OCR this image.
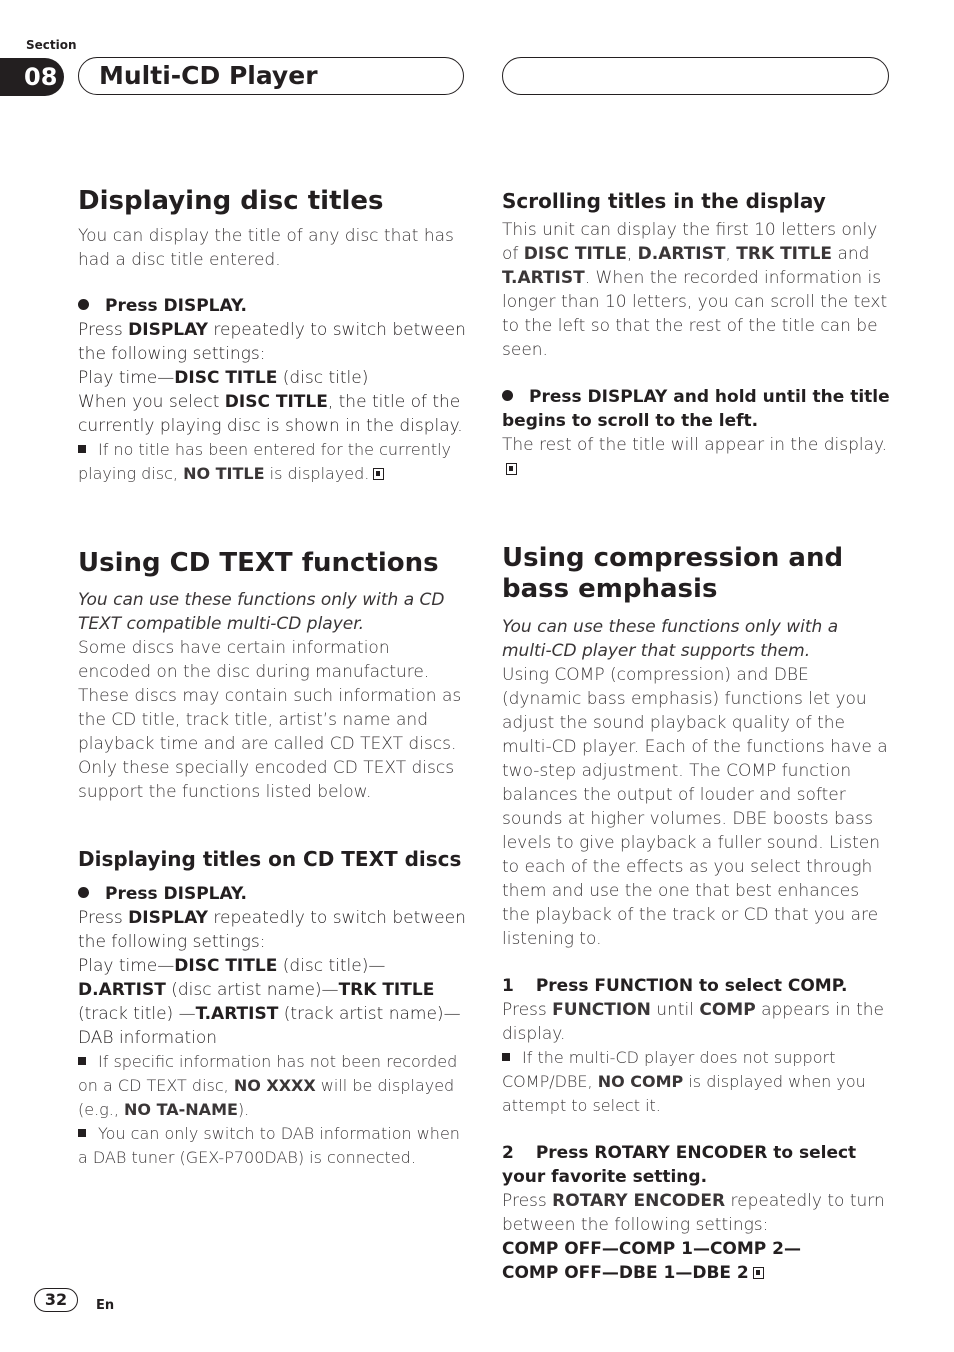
Section
08	Multi-CD Player
Displaying disc titles

You can display the title of any disc that has had a disc title entered.

Press DISPLAY.

Press DISPLAY repeatedly to switch between the following settings:

Play time—DISC TITLE (disc title)

When you select DISC TITLE, the title of the currently playing disc is shown in the display.

If no title has been entered for the currently playing disc, NO TITLE is displayed.

Using CD TEXT functions

You can use these functions only with a CD TEXT compatible multi-CD player.

Some discs have certain information encoded on the disc during manufacture. These discs may contain such information as the CD title, track title, artist’s name and playback time and are called CD TEXT discs. Only these specially encoded CD TEXT discs support the functions listed below.

Displaying titles on CD TEXT discs
Press DISPLAY.

Press DISPLAY repeatedly to switch between the following settings:

Play time—DISC TITLE (disc title)—D.ARTIST (disc artist name)—TRK TITLE (track title) —T.ARTIST (track artist name)—DAB information

If specific information has not been recorded on a CD TEXT disc, NO XXXX will be displayed (e.g., NO TA-NAME).

You can only switch to DAB information when a DAB tuner (GEX-P700DAB) is connected.

Scrolling titles in the display

This unit can display the first 10 letters only of DISC TITLE, D.ARTIST, TRK TITLE and T.ARTIST. When the recorded information is longer than 10 letters, you can scroll the text to the left so that the rest of the title can be seen.

Press DISPLAY and hold until the title begins to scroll to the left.

The rest of the title will appear in the display.

Using compression and bass emphasis

You can use these functions only with a multi-CD player that supports them.

Using COMP (compression) and DBE (dynamic bass emphasis) functions let you adjust the sound playback quality of the multi-CD player. Each of the functions have a two-step adjustment. The COMP function balances the output of louder and softer sounds at higher volumes. DBE boosts bass levels to give playback a fuller sound. Listen to each of the effects as you select through them and use the one that best enhances the playback of the track or CD that you are listening to.

1 Press FUNCTION to select COMP.

Press FUNCTION until COMP appears in the display.

If the multi-CD player does not support COMP/DBE, NO COMP is displayed when you attempt to select it.

2 Press ROTARY ENCODER to select your favorite setting.

Press ROTARY ENCODER repeatedly to turn between the following settings:

COMP OFF—COMP 1—COMP 2—

COMP OFF—DBE 1—DBE 2

32	En
